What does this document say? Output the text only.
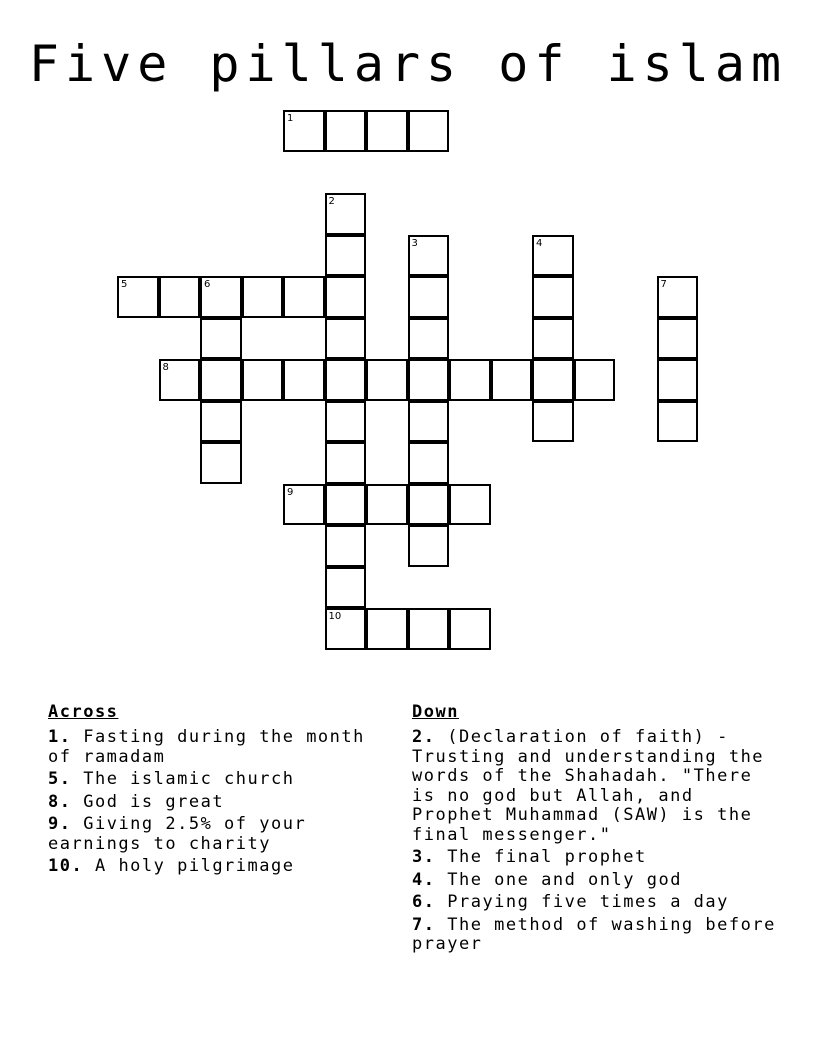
Five pillars of islam
1
2
3	4
5	6	7
8
9
10
Across
1. Fasting during the month of ramadam
5. The islamic church
8. God is great
9. Giving 2.5% of your earnings to charity
10. A holy pilgrimage
Down
2. (Declaration of faith) - Trusting and understanding the words of the Shahadah. "There is no god but Allah, and Prophet Muhammad (SAW) is the final messenger."
3. The final prophet
4. The one and only god
6. Praying five times a day
7. The method of washing before prayer
